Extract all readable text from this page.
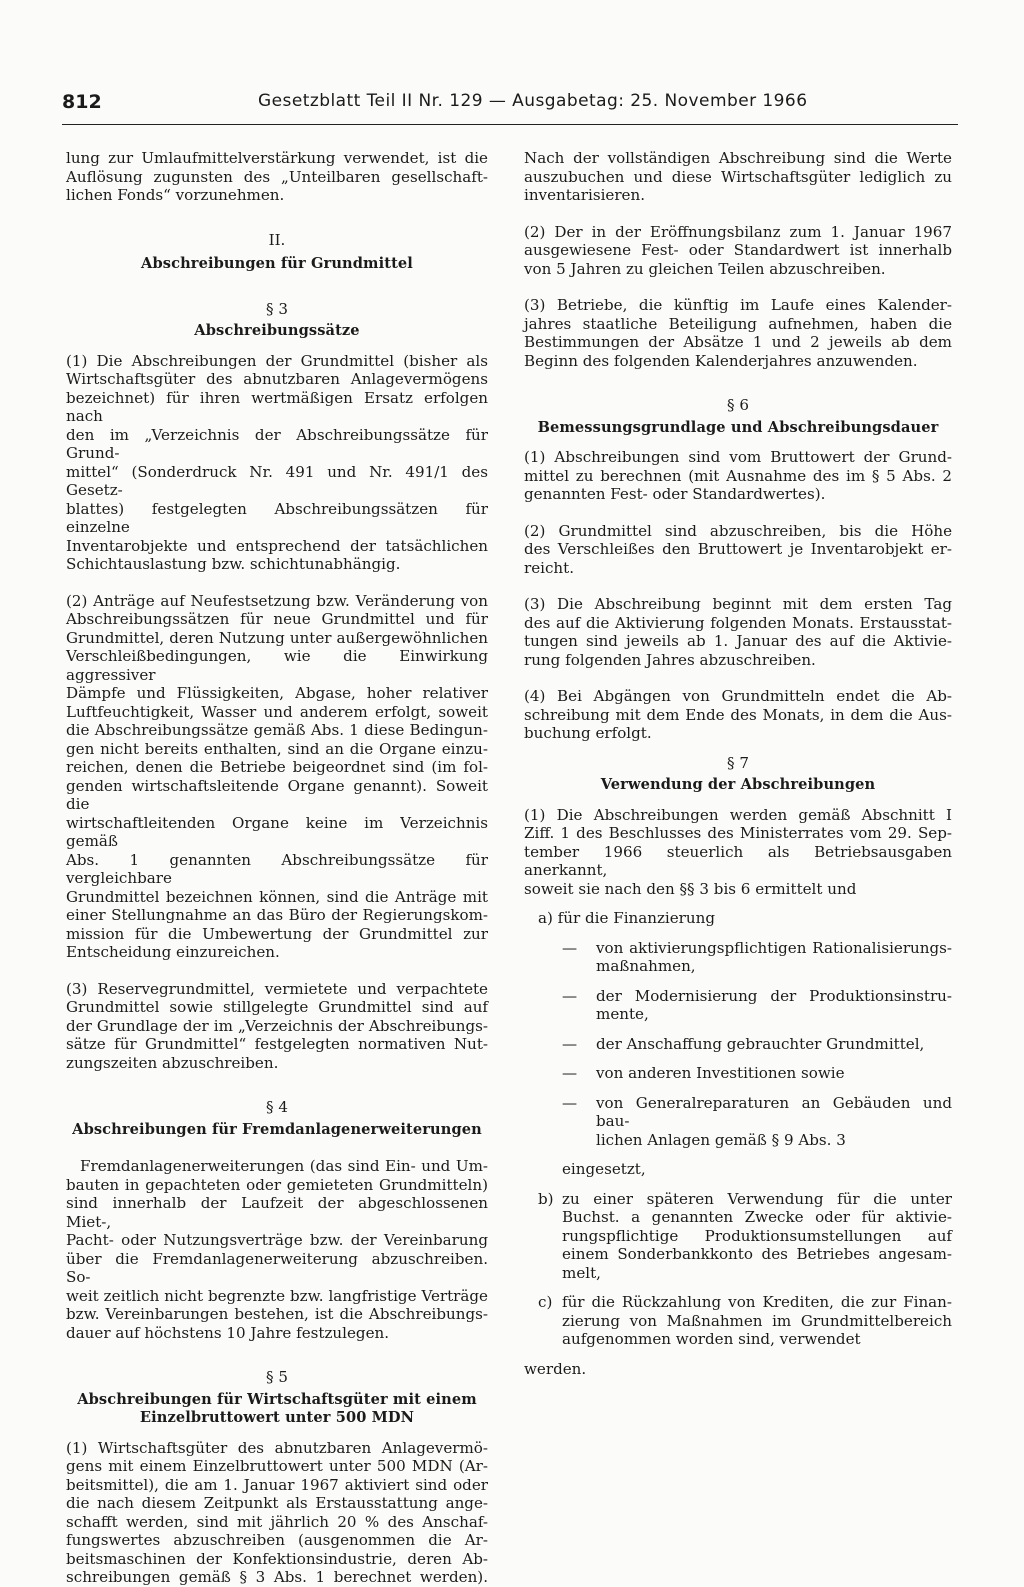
812	Gesetzblatt Teil II Nr. 129 — Ausgabetag: 25. November 1966
lung zur Umlaufmittelverstärkung verwendet, ist die
Auflösung zugunsten des „Unteilbaren gesellschaft-
lichen Fonds“ vorzunehmen.
II.
Abschreibungen für Grundmittel
§ 3
Abschreibungssätze
(1) Die Abschreibungen der Grundmittel (bisher als
Wirtschaftsgüter des abnutzbaren Anlagevermögens
bezeichnet) für ihren wertmäßigen Ersatz erfolgen nach
den im „Verzeichnis der Abschreibungssätze für Grund-
mittel“ (Sonderdruck Nr. 491 und Nr. 491/1 des Gesetz-
blattes) festgelegten Abschreibungssätzen für einzelne
Inventarobjekte und entsprechend der tatsächlichen
Schichtauslastung bzw. schichtunabhängig.
(2) Anträge auf Neufestsetzung bzw. Veränderung von
Abschreibungssätzen für neue Grundmittel und für
Grundmittel, deren Nutzung unter außergewöhnlichen
Verschleißbedingungen, wie die Einwirkung aggressiver
Dämpfe und Flüssigkeiten, Abgase, hoher relativer
Luftfeuchtigkeit, Wasser und anderem erfolgt, soweit
die Abschreibungssätze gemäß Abs. 1 diese Bedingun-
gen nicht bereits enthalten, sind an die Organe einzu-
reichen, denen die Betriebe beigeordnet sind (im fol-
genden wirtschaftsleitende Organe genannt). Soweit die
wirtschaftleitenden Organe keine im Verzeichnis gemäß
Abs. 1 genannten Abschreibungssätze für vergleichbare
Grundmittel bezeichnen können, sind die Anträge mit
einer Stellungnahme an das Büro der Regierungskom-
mission für die Umbewertung der Grundmittel zur
Entscheidung einzureichen.
(3) Reservegrundmittel, vermietete und verpachtete
Grundmittel sowie stillgelegte Grundmittel sind auf
der Grundlage der im „Verzeichnis der Abschreibungs-
sätze für Grundmittel“ festgelegten normativen Nut-
zungszeiten abzuschreiben.
§ 4
Abschreibungen für Fremdanlagenerweiterungen
Fremdanlagenerweiterungen (das sind Ein- und Um-
bauten in gepachteten oder gemieteten Grundmitteln)
sind innerhalb der Laufzeit der abgeschlossenen Miet-,
Pacht- oder Nutzungsverträge bzw. der Vereinbarung
über die Fremdanlagenerweiterung abzuschreiben. So-
weit zeitlich nicht begrenzte bzw. langfristige Verträge
bzw. Vereinbarungen bestehen, ist die Abschreibungs-
dauer auf höchstens 10 Jahre festzulegen.
§ 5
Abschreibungen für Wirtschaftsgüter mit einem
Einzelbruttowert unter 500 MDN
(1) Wirtschaftsgüter des abnutzbaren Anlagevermö-
gens mit einem Einzelbruttowert unter 500 MDN (Ar-
beitsmittel), die am 1. Januar 1967 aktiviert sind oder
die nach diesem Zeitpunkt als Erstausstattung ange-
schafft werden, sind mit jährlich 20 % des Anschaf-
fungswertes abzuschreiben (ausgenommen die Ar-
beitsmaschinen der Konfektionsindustrie, deren Ab-
schreibungen gemäß § 3 Abs. 1 berechnet werden).
Nach der vollständigen Abschreibung sind die Werte
auszubuchen und diese Wirtschaftsgüter lediglich zu
inventarisieren.
(2) Der in der Eröffnungsbilanz zum 1. Januar 1967
ausgewiesene Fest- oder Standardwert ist innerhalb
von 5 Jahren zu gleichen Teilen abzuschreiben.
(3) Betriebe, die künftig im Laufe eines Kalender-
jahres staatliche Beteiligung aufnehmen, haben die
Bestimmungen der Absätze 1 und 2 jeweils ab dem
Beginn des folgenden Kalenderjahres anzuwenden.
§ 6
Bemessungsgrundlage und Abschreibungsdauer
(1) Abschreibungen sind vom Bruttowert der Grund-
mittel zu berechnen (mit Ausnahme des im § 5 Abs. 2
genannten Fest- oder Standardwertes).
(2) Grundmittel sind abzuschreiben, bis die Höhe
des Verschleißes den Bruttowert je Inventarobjekt er-
reicht.
(3) Die Abschreibung beginnt mit dem ersten Tag
des auf die Aktivierung folgenden Monats. Erstausstat-
tungen sind jeweils ab 1. Januar des auf die Aktivie-
rung folgenden Jahres abzuschreiben.
(4) Bei Abgängen von Grundmitteln endet die Ab-
schreibung mit dem Ende des Monats, in dem die Aus-
buchung erfolgt.
§ 7
Verwendung der Abschreibungen
(1) Die Abschreibungen werden gemäß Abschnitt I
Ziff. 1 des Beschlusses des Ministerrates vom 29. Sep-
tember 1966 steuerlich als Betriebsausgaben anerkannt,
soweit sie nach den §§ 3 bis 6 ermittelt und
a) für die Finanzierung
—	von aktivierungspflichtigen Rationalisierungs-
maßnahmen,
—	der Modernisierung der Produktionsinstru-
mente,
—	der Anschaffung gebrauchter Grundmittel,
—	von anderen Investitionen sowie
—	von Generalreparaturen an Gebäuden und bau-
lichen Anlagen gemäß § 9 Abs. 3
eingesetzt,
b) zu einer späteren Verwendung für die unter
Buchst. a genannten Zwecke oder für aktivie-
rungspflichtige Produktionsumstellungen auf
einem Sonderbankkonto des Betriebes angesam-
melt,
c) für die Rückzahlung von Krediten, die zur Finan-
zierung von Maßnahmen im Grundmittelbereich
aufgenommen worden sind, verwendet
werden.
